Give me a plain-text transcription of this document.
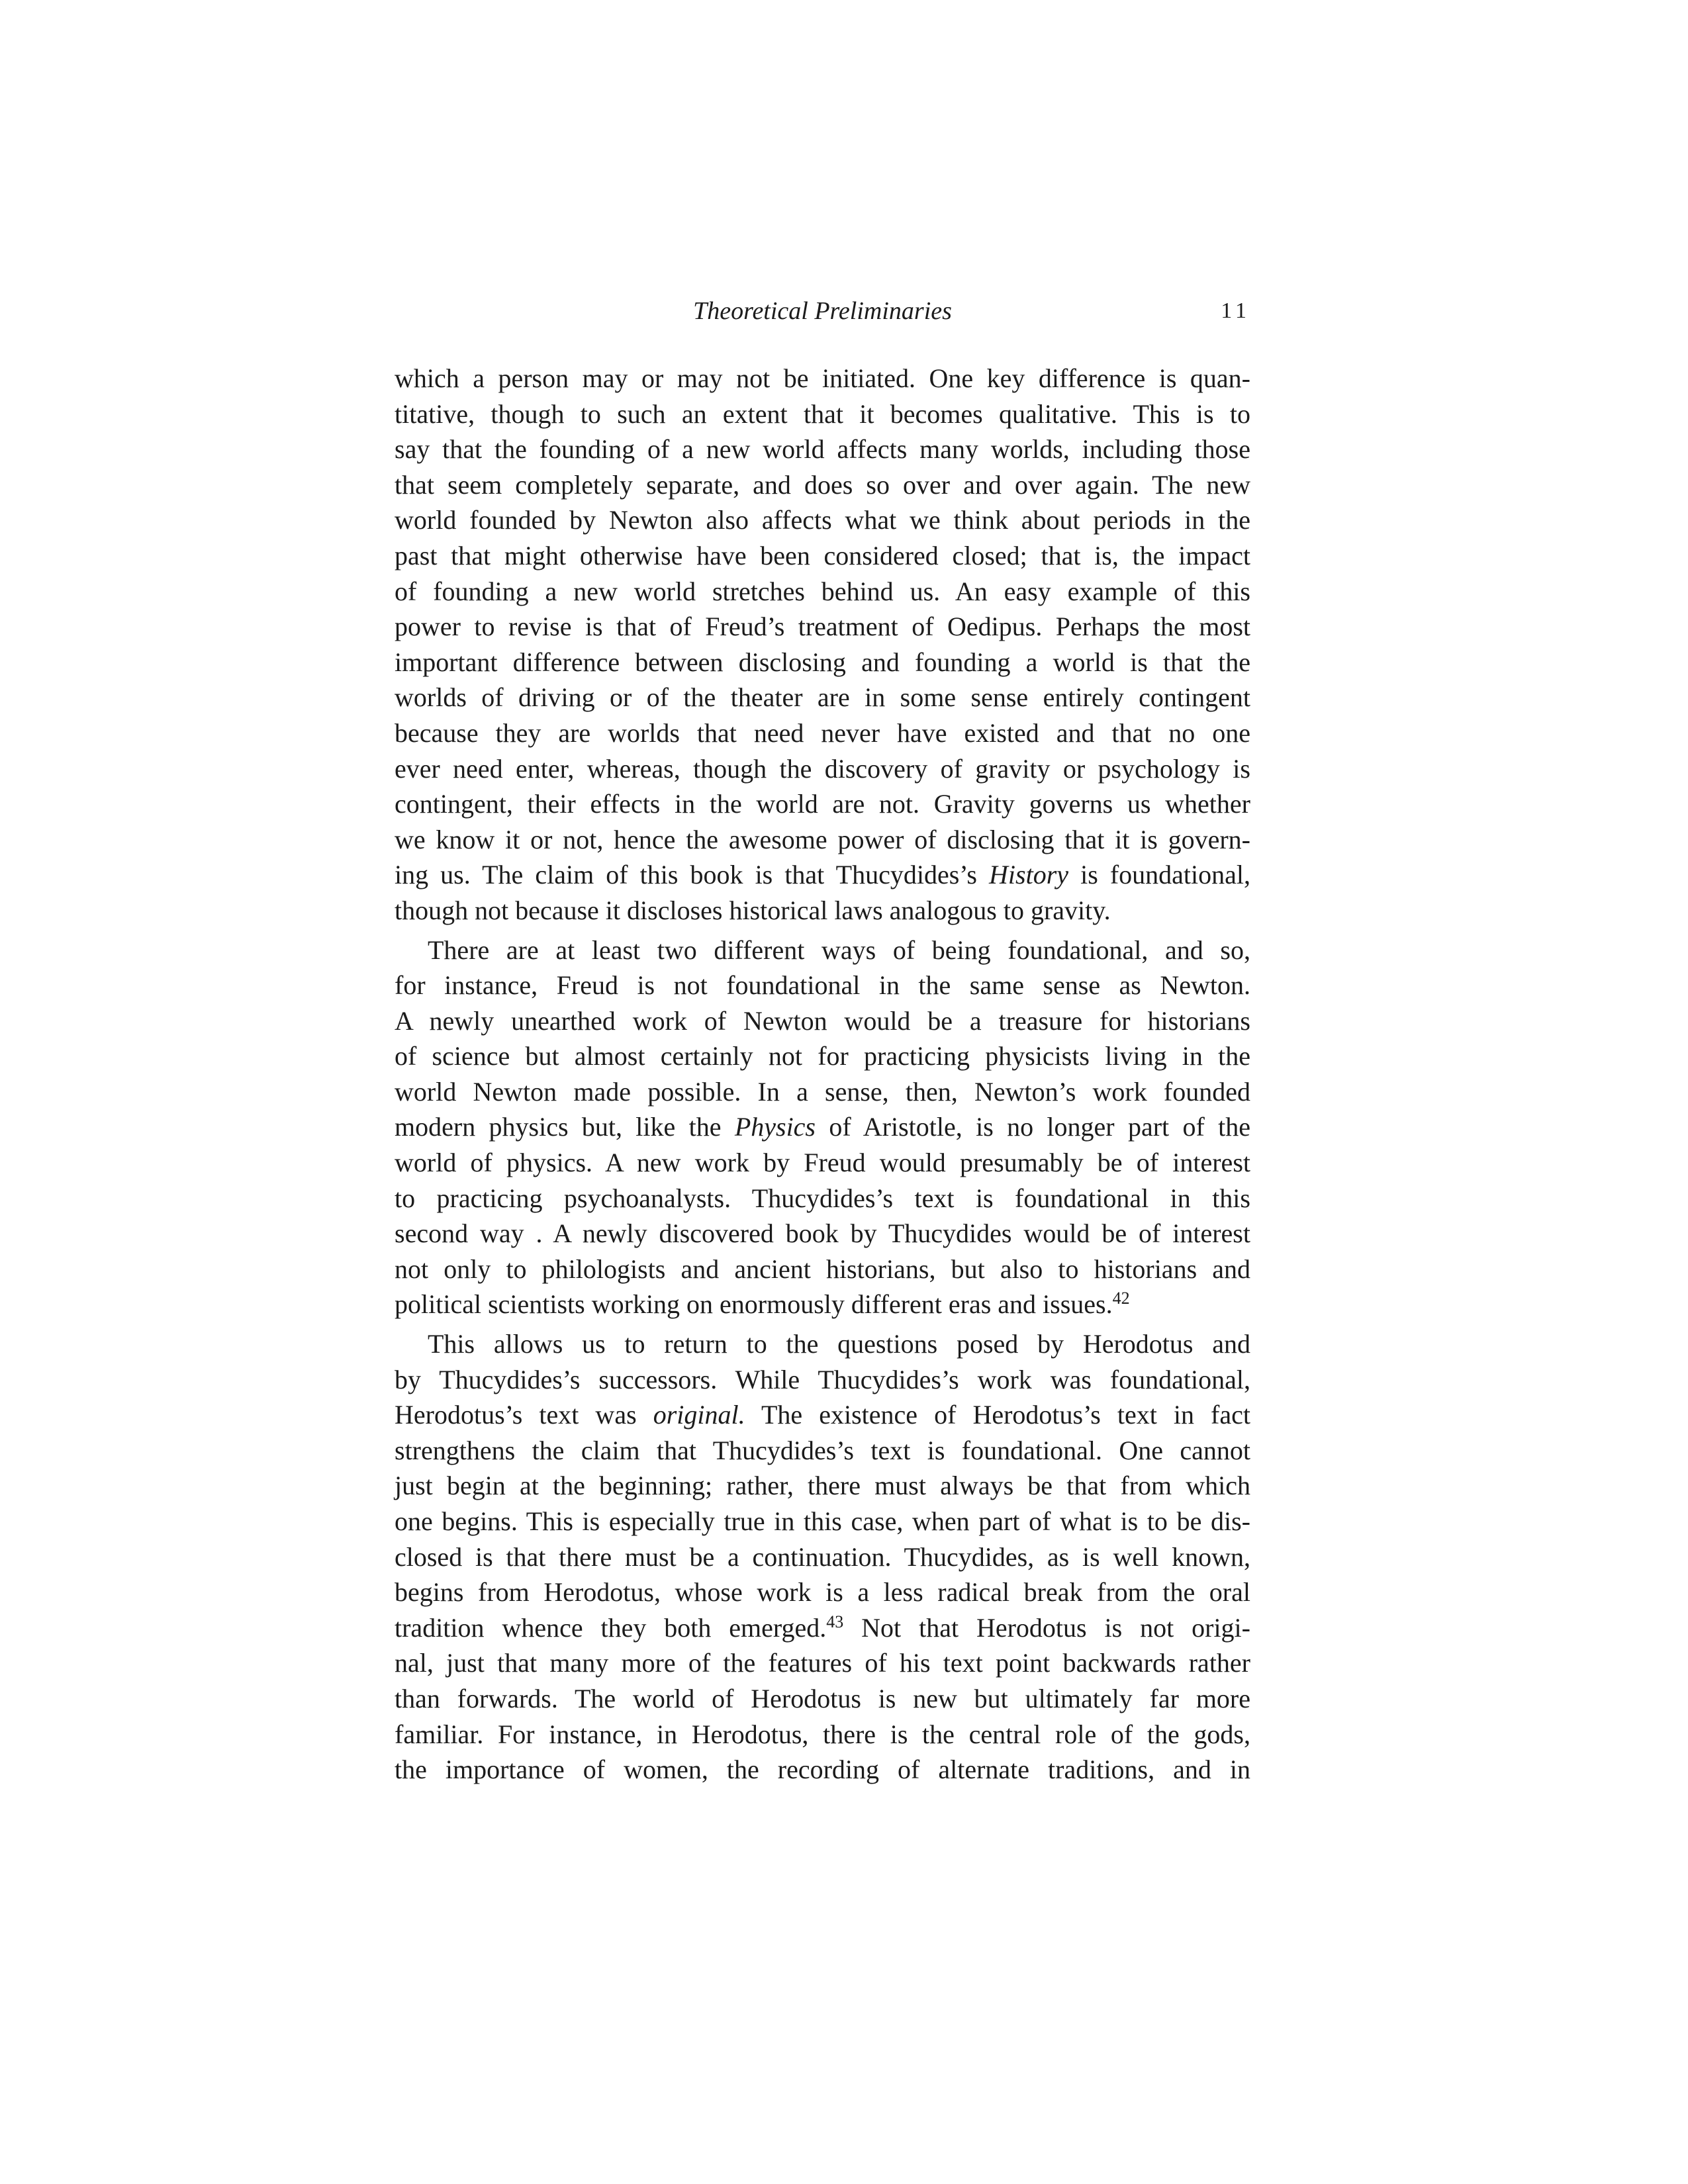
Theoretical Preliminaries	11
which a person may or may not be initiated. One key difference is quan-
titative, though to such an extent that it becomes qualitative. This is to
say that the founding of a new world affects many worlds, including those
that seem completely separate, and does so over and over again. The new
world founded by Newton also affects what we think about periods in the
past that might otherwise have been considered closed; that is, the impact
of founding a new world stretches behind us. An easy example of this
power to revise is that of Freud’s treatment of Oedipus. Perhaps the most
important difference between disclosing and founding a world is that the
worlds of driving or of the theater are in some sense entirely contingent
because they are worlds that need never have existed and that no one
ever need enter, whereas, though the discovery of gravity or psychology is
contingent, their effects in the world are not. Gravity governs us whether
we know it or not, hence the awesome power of disclosing that it is govern-
ing us. The claim of this book is that Thucydides’s History is foundational,
though not because it discloses historical laws analogous to gravity.
There are at least two different ways of being foundational, and so,
for instance, Freud is not foundational in the same sense as Newton.
A newly unearthed work of Newton would be a treasure for historians
of science but almost certainly not for practicing physicists living in the
world Newton made possible. In a sense, then, Newton’s work founded
modern physics but, like the Physics of Aristotle, is no longer part of the
world of physics. A new work by Freud would presumably be of interest
to practicing psychoanalysts. Thucydides’s text is foundational in this
second way . A newly discovered book by Thucydides would be of interest
not only to philologists and ancient historians, but also to historians and
political scientists working on enormously different eras and issues.$^{42}$
This allows us to return to the questions posed by Herodotus and
by Thucydides’s successors. While Thucydides’s work was foundational,
Herodotus’s text was original. The existence of Herodotus’s text in fact
strengthens the claim that Thucydides’s text is foundational. One cannot
just begin at the beginning; rather, there must always be that from which
one begins. This is especially true in this case, when part of what is to be dis-
closed is that there must be a continuation. Thucydides, as is well known,
begins from Herodotus, whose work is a less radical break from the oral
tradition whence they both emerged.$^{43}$ Not that Herodotus is not origi-
nal, just that many more of the features of his text point backwards rather
than forwards. The world of Herodotus is new but ultimately far more
familiar. For instance, in Herodotus, there is the central role of the gods,
the importance of women, the recording of alternate traditions, and in
